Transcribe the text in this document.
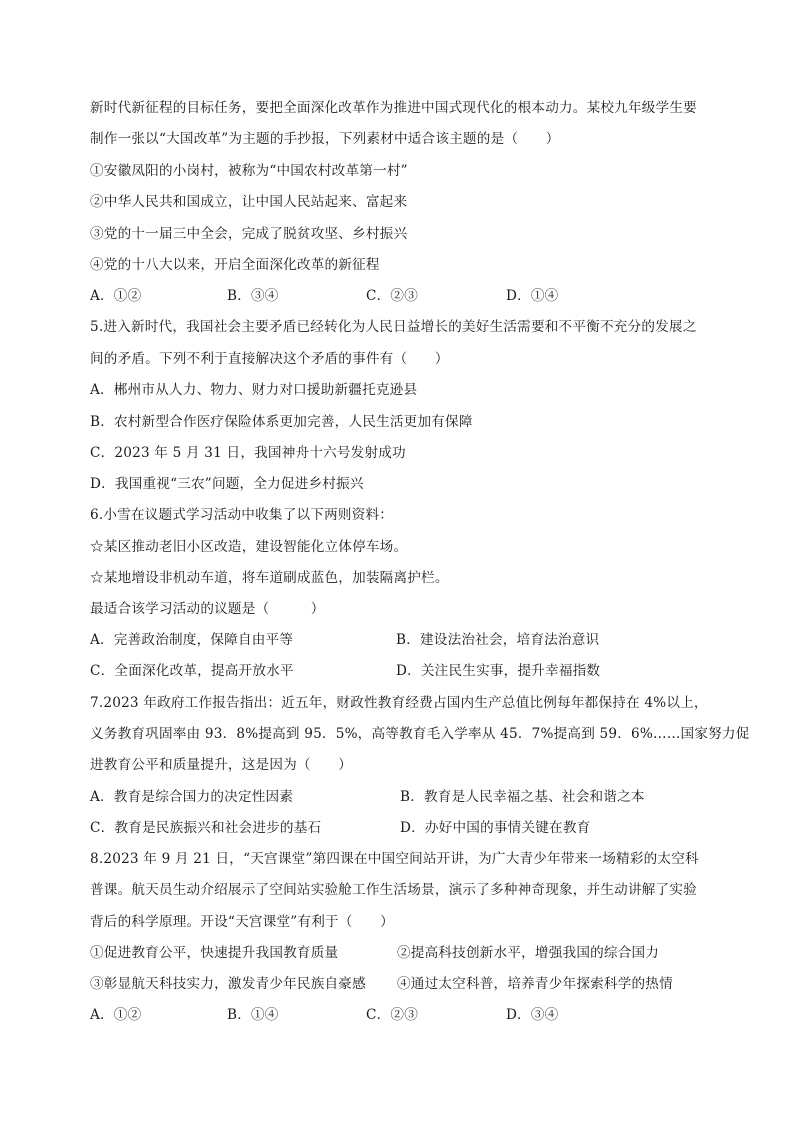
新时代新征程的目标任务，要把全面深化改革作为推进中国式现代化的根本动力。某校九年级学生要
制作一张以“大国改革”为主题的手抄报，下列素材中适合该主题的是（　　）
①安徽凤阳的小岗村，被称为“中国农村改革第一村”
②中华人民共和国成立，让中国人民站起来、富起来
③党的十一届三中全会，完成了脱贫攻坚、乡村振兴
④党的十八大以来，开启全面深化改革的新征程
A．①②	B．③④	C．②③	D．①④
5.进入新时代，我国社会主要矛盾已经转化为人民日益增长的美好生活需要和不平衡不充分的发展之
间的矛盾。下列不利于直接解决这个矛盾的事件有（　　）
A．郴州市从人力、物力、财力对口援助新疆托克逊县
B．农村新型合作医疗保险体系更加完善，人民生活更加有保障
C．2023 年 5 月 31 日，我国神舟十六号发射成功
D．我国重视“三农”问题，全力促进乡村振兴
6.小雪在议题式学习活动中收集了以下两则资料：
☆某区推动老旧小区改造，建设智能化立体停车场。
☆某地增设非机动车道，将车道刷成蓝色，加装隔离护栏。
最适合该学习活动的议题是（　　　）
A．完善政治制度，保障自由平等	B．建设法治社会，培育法治意识
C．全面深化改革，提高开放水平	D．关注民生实事，提升幸福指数
7.2023 年政府工作报告指出：近五年，财政性教育经费占国内生产总值比例每年都保持在 4%以上，
义务教育巩固率由 93．8%提高到 95．5%，高等教育毛入学率从 45．7%提高到 59．6%……国家努力促
进教育公平和质量提升，这是因为（　　）
A．教育是综合国力的决定性因素	B．教育是人民幸福之基、社会和谐之本
C．教育是民族振兴和社会进步的基石	D．办好中国的事情关键在教育
8.2023 年 9 月 21 日，“天宫课堂”第四课在中国空间站开讲，为广大青少年带来一场精彩的太空科
普课。航天员生动介绍展示了空间站实验舱工作生活场景，演示了多种神奇现象，并生动讲解了实验
背后的科学原理。开设“天宫课堂”有利于（　　）
①促进教育公平，快速提升我国教育质量	②提高科技创新水平，增强我国的综合国力
③彰显航天科技实力，激发青少年民族自豪感 ④通过太空科普，培养青少年探索科学的热情
A．①②	B．①④	C．②③	D．③④
